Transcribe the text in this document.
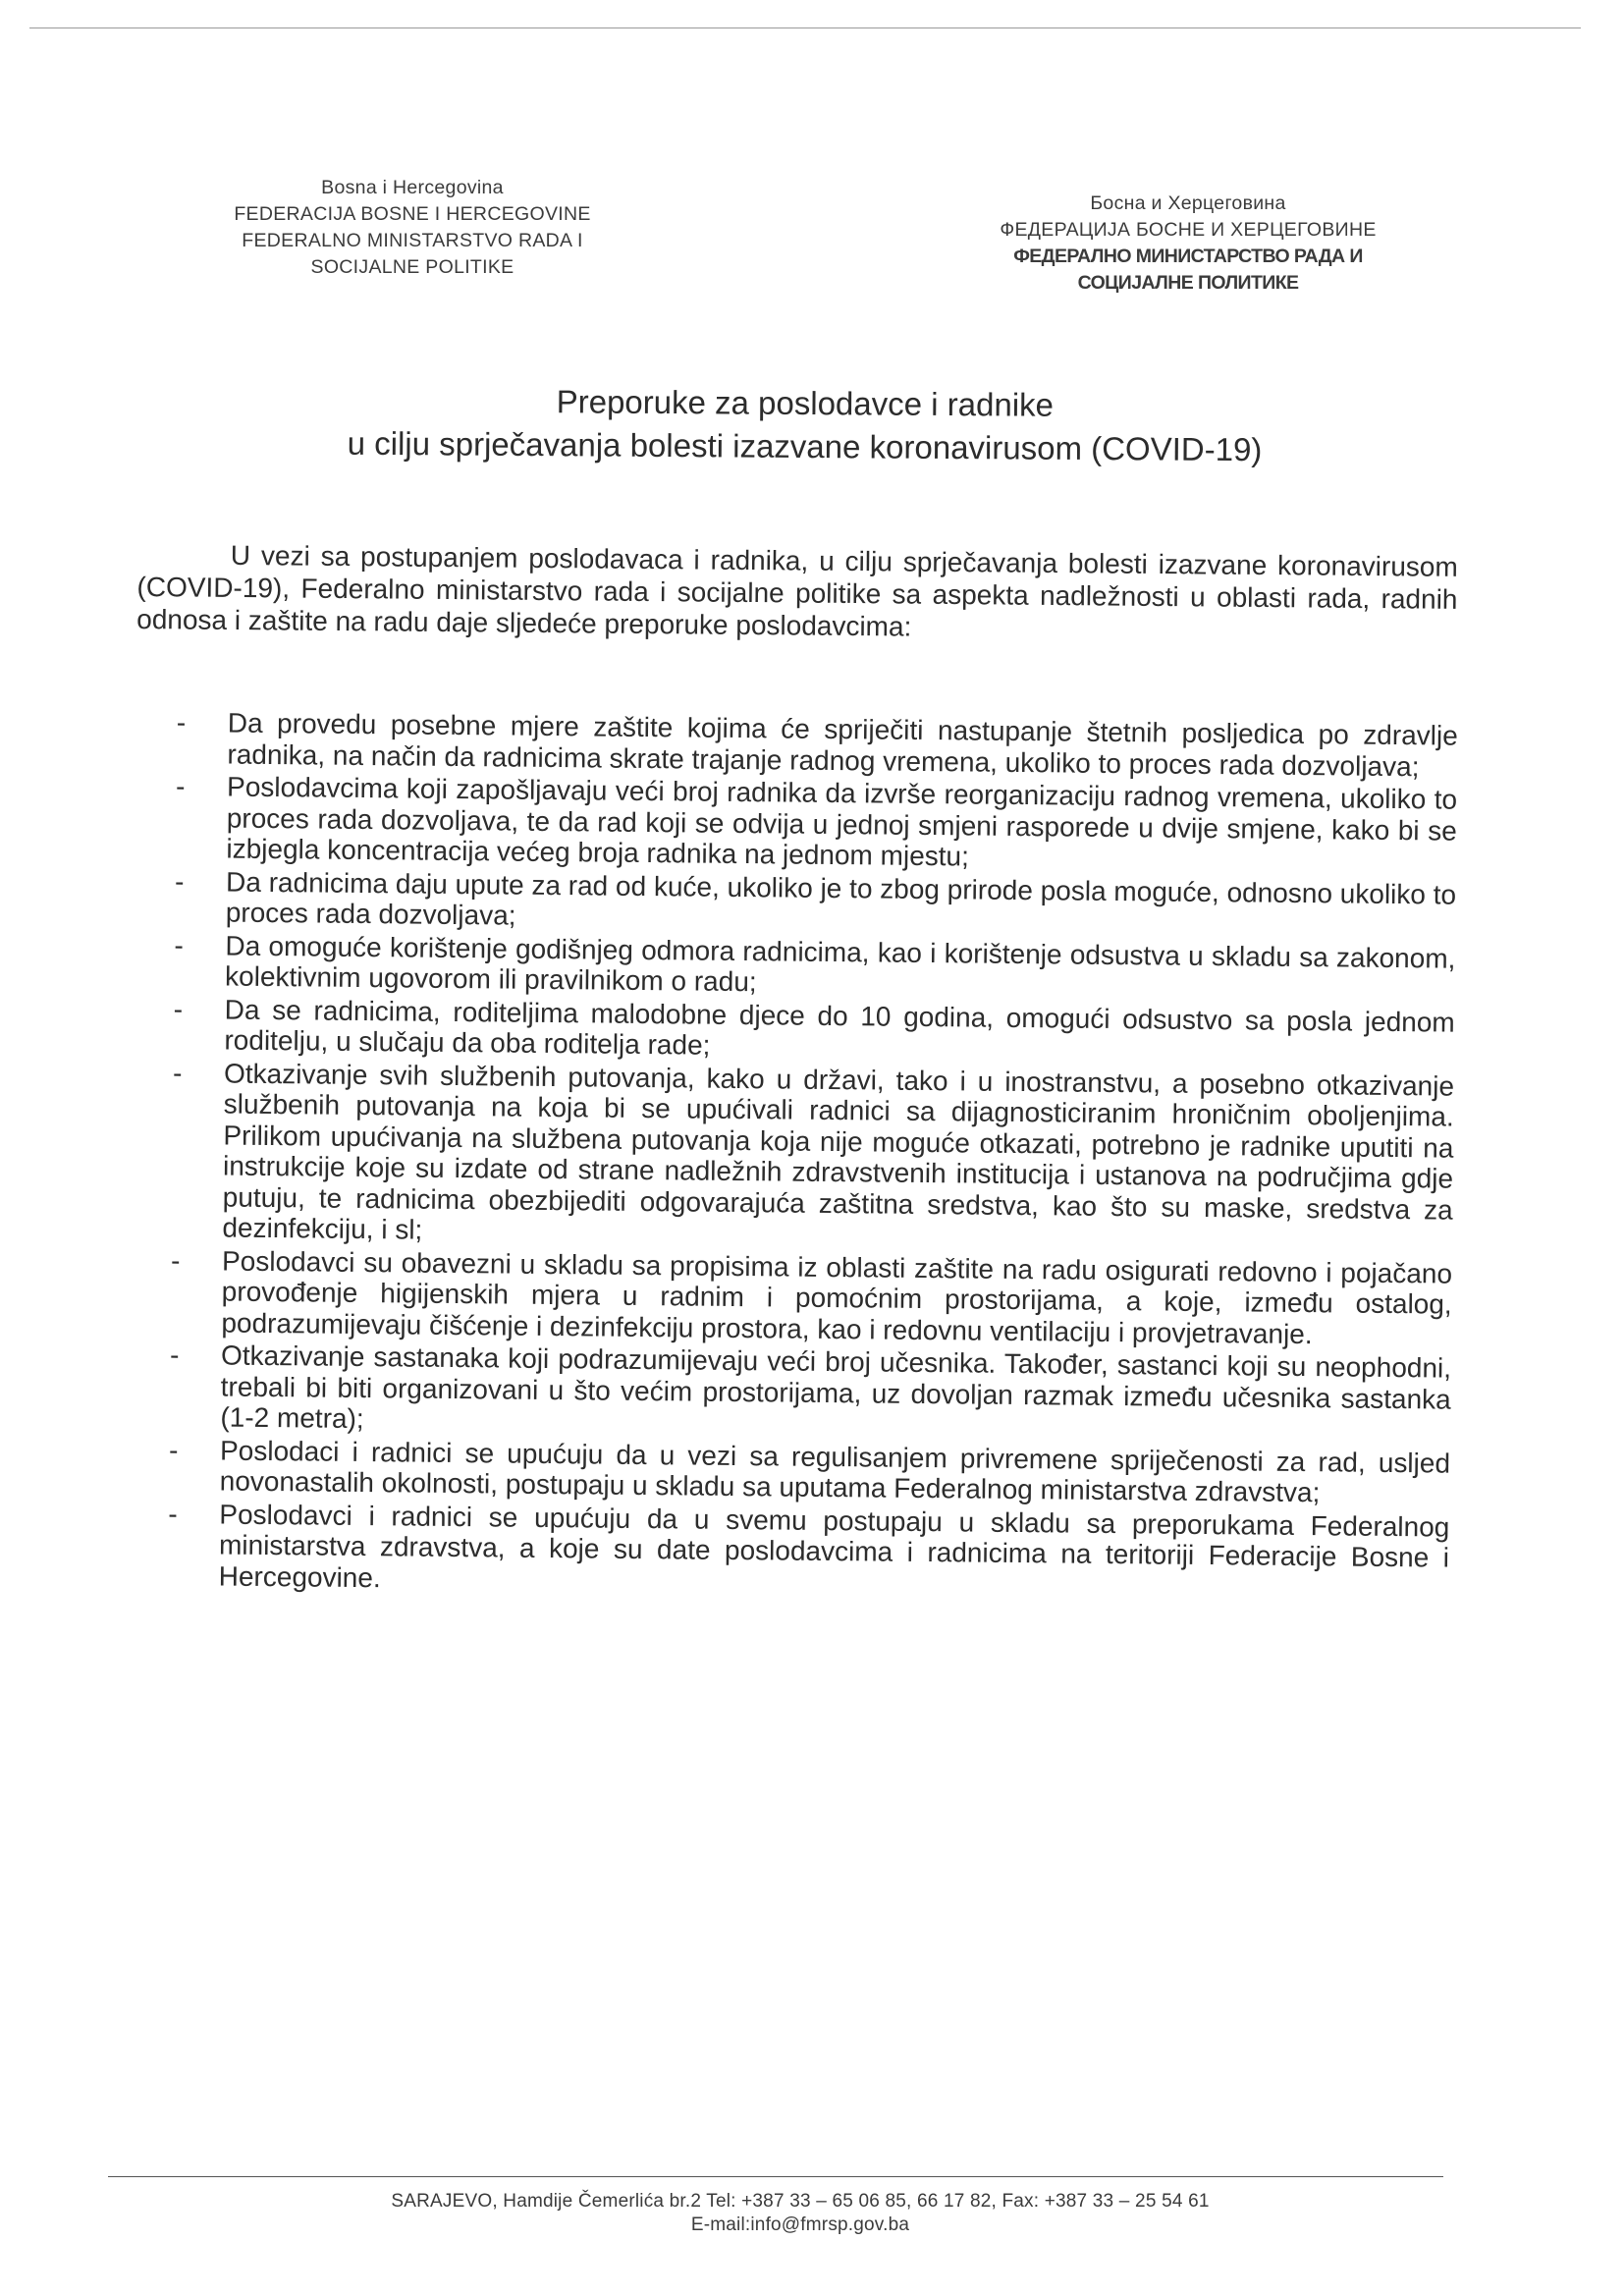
Bosna i Hercegovina
FEDERACIJA BOSNE I HERCEGOVINE
FEDERALNO MINISTARSTVO RADA I
SOCIJALNE POLITIKE
Босна и Херцеговина
ФЕДЕРАЦИЈА БОСНЕ И ХЕРЦЕГОВИНЕ
ФЕДЕРАЛНО МИНИСТАРСТВО РАДА И
СОЦИЈАЛНЕ ПОЛИТИКЕ
Preporuke za poslodavce i radnike
u cilju sprječavanja bolesti izazvane koronavirusom (COVID-19)

U vezi sa postupanjem poslodavaca i radnika, u cilju sprječavanja bolesti izazvane koronavirusom (COVID-19), Federalno ministarstvo rada i socijalne politike sa aspekta nadležnosti u oblasti rada, radnih odnosa i zaštite na radu daje sljedeće preporuke poslodavcima:

- Da provedu posebne mjere zaštite kojima će spriječiti nastupanje štetnih posljedica po zdravlje radnika, na način da radnicima skrate trajanje radnog vremena, ukoliko to proces rada dozvoljava;
- Poslodavcima koji zapošljavaju veći broj radnika da izvrše reorganizaciju radnog vremena, ukoliko to proces rada dozvoljava, te da rad koji se odvija u jednoj smjeni rasporede u dvije smjene, kako bi se izbjegla koncentracija većeg broja radnika na jednom mjestu;
- Da radnicima daju upute za rad od kuće, ukoliko je to zbog prirode posla moguće, odnosno ukoliko to proces rada dozvoljava;
- Da omoguće korištenje godišnjeg odmora radnicima, kao i korištenje odsustva u skladu sa zakonom, kolektivnim ugovorom ili pravilnikom o radu;
- Da se radnicima, roditeljima malodobne djece do 10 godina, omogući odsustvo sa posla jednom roditelju, u slučaju da oba roditelja rade;
- Otkazivanje svih službenih putovanja, kako u državi, tako i u inostranstvu, a posebno otkazivanje službenih putovanja na koja bi se upućivali radnici sa dijagnosticiranim hroničnim oboljenjima. Prilikom upućivanja na službena putovanja koja nije moguće otkazati, potrebno je radnike uputiti na instrukcije koje su izdate od strane nadležnih zdravstvenih institucija i ustanova na područjima gdje putuju, te radnicima obezbijediti odgovarajuća zaštitna sredstva, kao što su maske, sredstva za dezinfekciju, i sl;
- Poslodavci su obavezni u skladu sa propisima iz oblasti zaštite na radu osigurati redovno i pojačano provođenje higijenskih mjera u radnim i pomoćnim prostorijama, a koje, između ostalog, podrazumijevaju čišćenje i dezinfekciju prostora, kao i redovnu ventilaciju i provjetravanje.
- Otkazivanje sastanaka koji podrazumijevaju veći broj učesnika. Također, sastanci koji su neophodni, trebali bi biti organizovani u što većim prostorijama, uz dovoljan razmak između učesnika sastanka (1-2 metra);
- Poslodaci i radnici se upućuju da u vezi sa regulisanjem privremene spriječenosti za rad, usljed novonastalih okolnosti, postupaju u skladu sa uputama Federalnog ministarstva zdravstva;
- Poslodavci i radnici se upućuju da u svemu postupaju u skladu sa preporukama Federalnog ministarstva zdravstva, a koje su date poslodavcima i radnicima na teritoriji Federacije Bosne i Hercegovine.
SARAJEVO, Hamdije Čemerlića br.2 Tel: +387 33 – 65 06 85, 66 17 82, Fax: +387 33 – 25 54 61
E-mail:info@fmrsp.gov.ba
